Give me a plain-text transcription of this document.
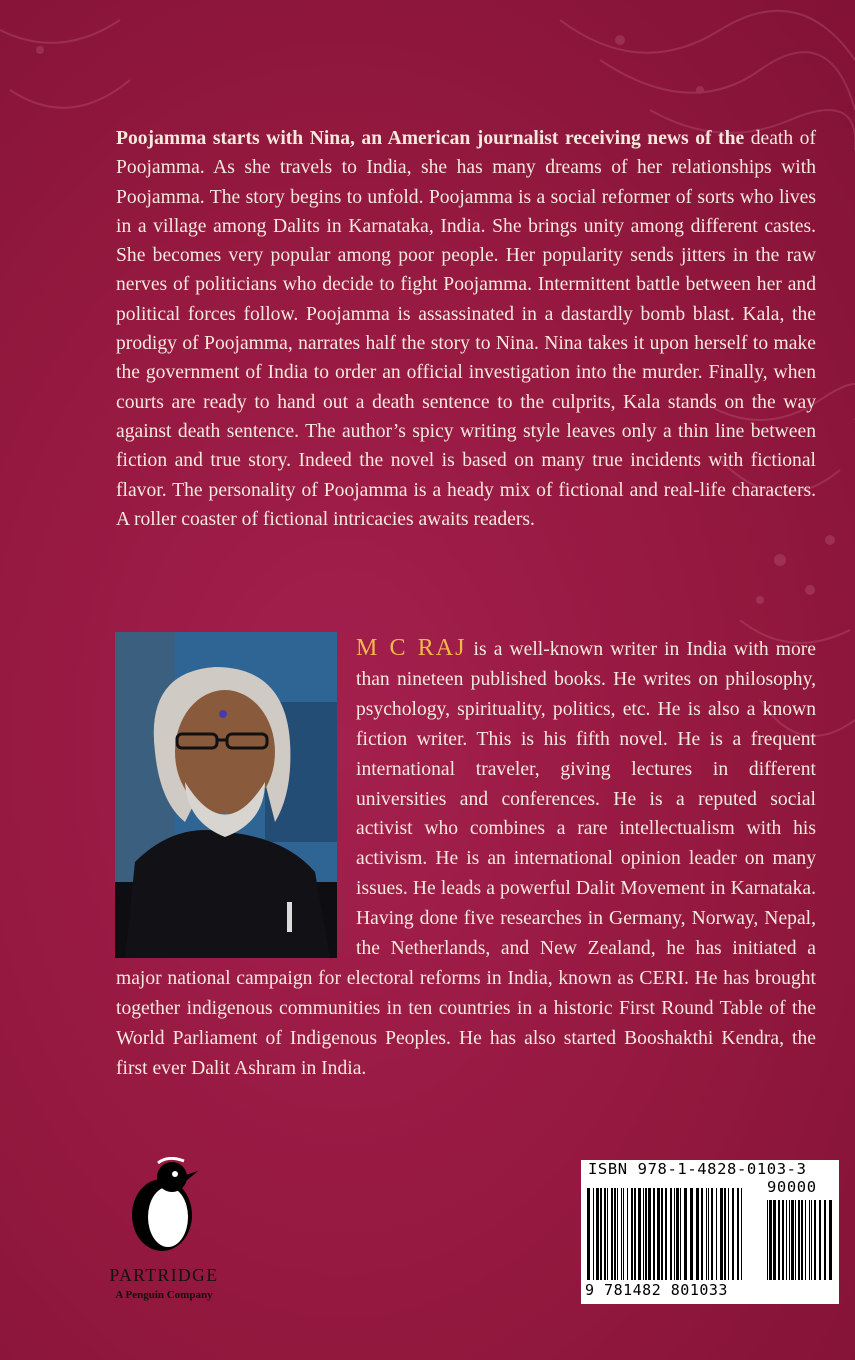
Poojamma starts with Nina, an American journalist receiving news of the death of Poojamma. As she travels to India, she has many dreams of her relationships with Poojamma. The story begins to unfold. Poojamma is a social reformer of sorts who lives in a village among Dalits in Karnataka, India. She brings unity among different castes. She becomes very popular among poor people. Her popularity sends jitters in the raw nerves of politicians who decide to fight Poojamma. Intermittent battle between her and political forces follow. Poojamma is assassinated in a dastardly bomb blast. Kala, the prodigy of Poojamma, narrates half the story to Nina. Nina takes it upon herself to make the government of India to order an official investigation into the murder. Finally, when courts are ready to hand out a death sentence to the culprits, Kala stands on the way against death sentence. The author’s spicy writing style leaves only a thin line between fiction and true story. Indeed the novel is based on many true incidents with fictional flavor. The personality of Poojamma is a heady mix of fictional and real-life characters. A roller coaster of fictional intricacies awaits readers.

M C RAJ is a well-known writer in India with more than nineteen published books. He writes on philosophy, psychology, spirituality, politics, etc. He is also a known fiction writer. This is his fifth novel. He is a frequent international traveler, giving lectures in different universities and conferences. He is a reputed social activist who combines a rare intellectualism with his activism. He is an international opinion leader on many issues. He leads a powerful Dalit Movement in Karnataka. Having done five researches in Germany, Norway, Nepal, the Netherlands, and New Zealand, he has initiated a major national campaign for electoral reforms in India, known as CERI. He has brought together indigenous communities in ten countries in a historic First Round Table of the World Parliament of Indigenous Peoples. He has also started Booshakthi Kendra, the first ever Dalit Ashram in India.

PARTRIDGE
A Penguin Company
ISBN 978-1-4828-0103-3
90000
9 781482 801033
